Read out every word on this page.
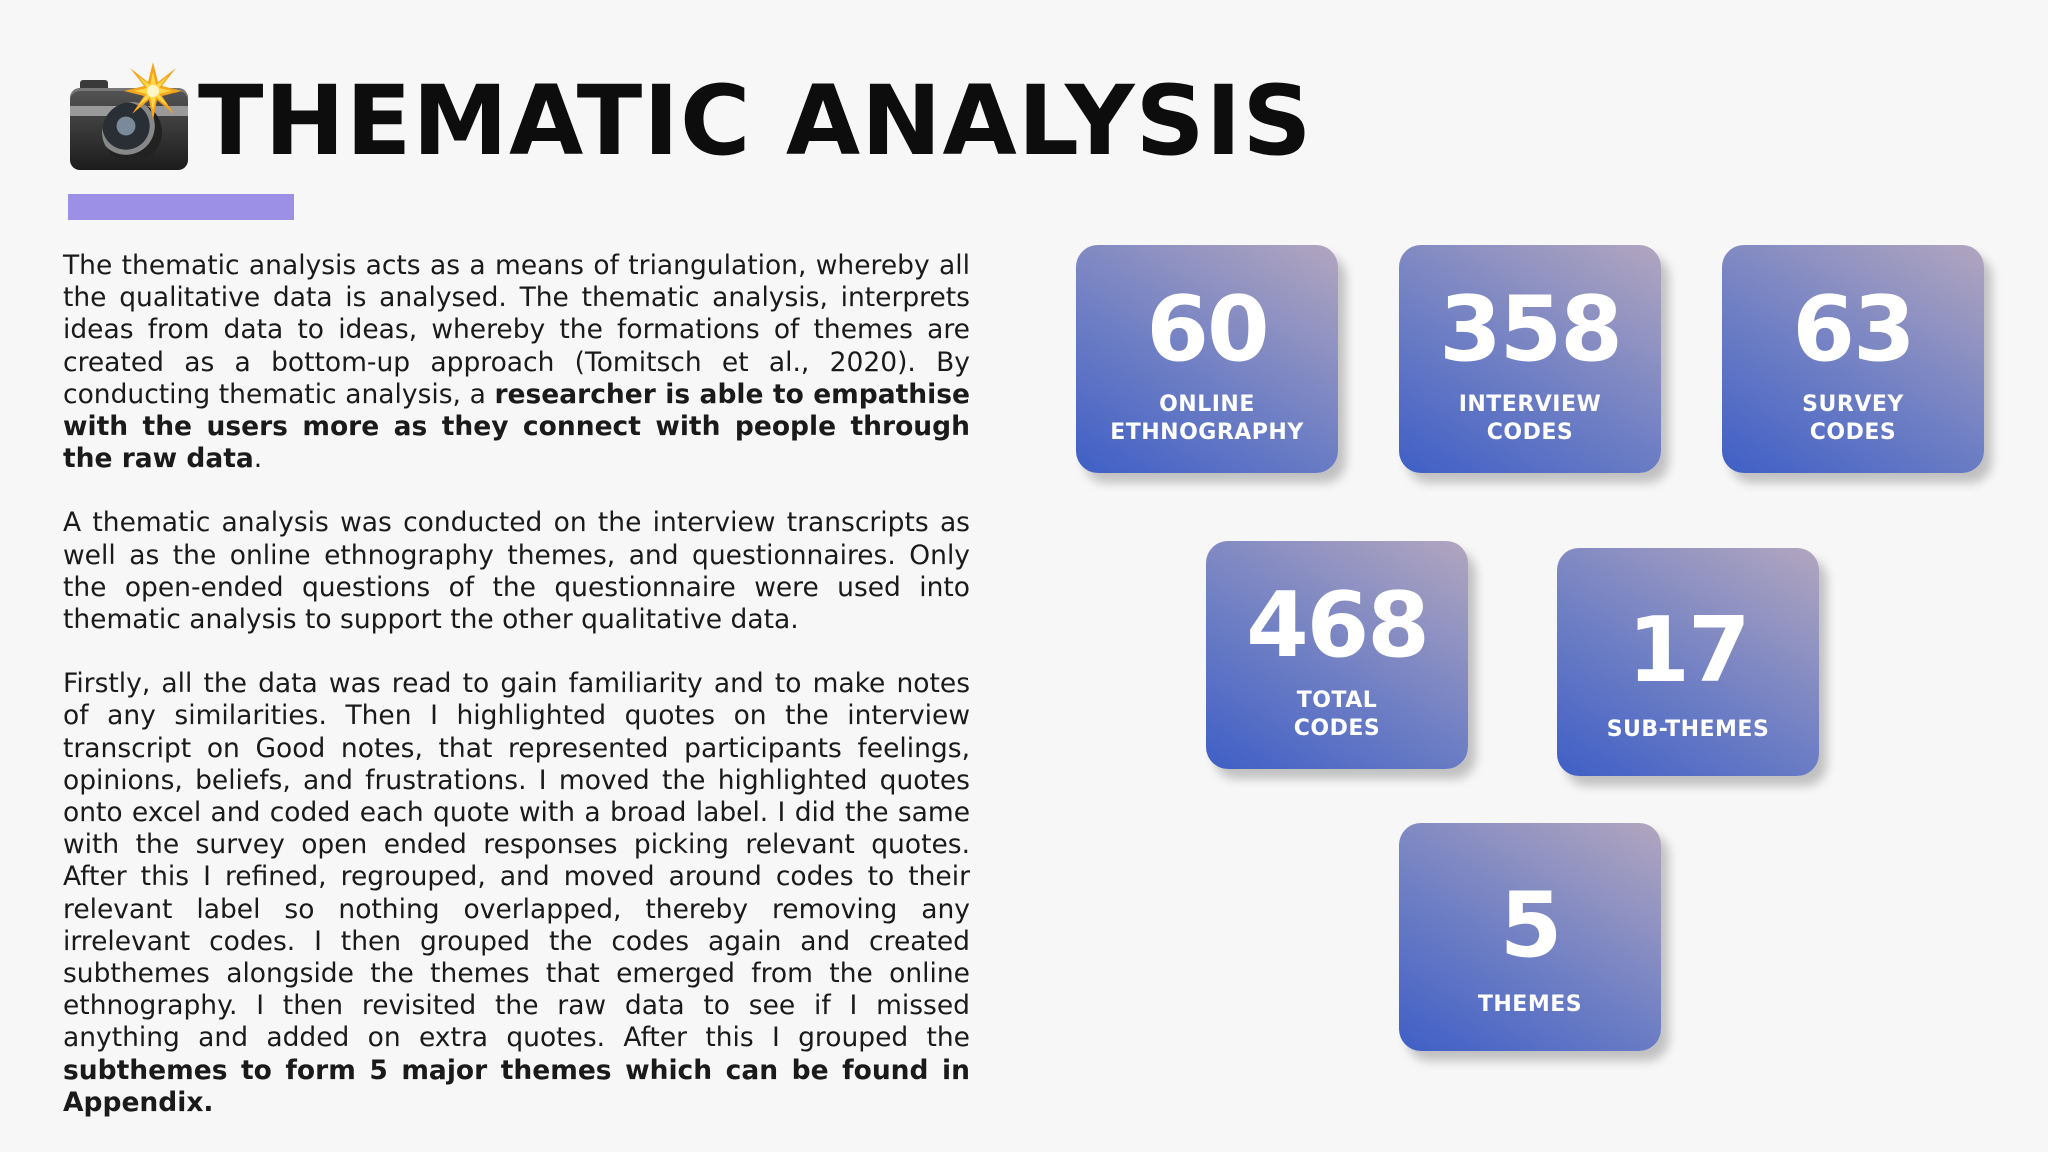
THEMATIC ANALYSIS

The thematic analysis acts as a means of triangulation, whereby all the qualitative data is analysed. The thematic analysis, interprets ideas from data to ideas, whereby the formations of themes are created as a bottom-up approach (Tomitsch et al., 2020). By conducting thematic analysis, a researcher is able to empathise with the users more as they connect with people through the raw data.

A thematic analysis was conducted on the interview transcripts as well as the online ethnography themes, and questionnaires. Only the open-ended questions of the questionnaire were used into thematic analysis to support the other qualitative data.

Firstly, all the data was read to gain familiarity and to make notes of any similarities. Then I highlighted quotes on the interview transcript on Good notes, that represented participants feelings, opinions, beliefs, and frustrations. I moved the highlighted quotes onto excel and coded each quote with a broad label. I did the same with the survey open ended responses picking relevant quotes. After this I refined, regrouped, and moved around codes to their relevant label so nothing overlapped, thereby removing any irrelevant codes. I then grouped the codes again and created subthemes alongside the themes that emerged from the online ethnography. I then revisited the raw data to see if I missed anything and added on extra quotes. After this I grouped the subthemes to form 5 major themes which can be found in Appendix.

60
ONLINE
ETHNOGRAPHY
358
INTERVIEW
CODES
63
SURVEY
CODES
468
TOTAL
CODES
17
SUB-THEMES
5
THEMES
